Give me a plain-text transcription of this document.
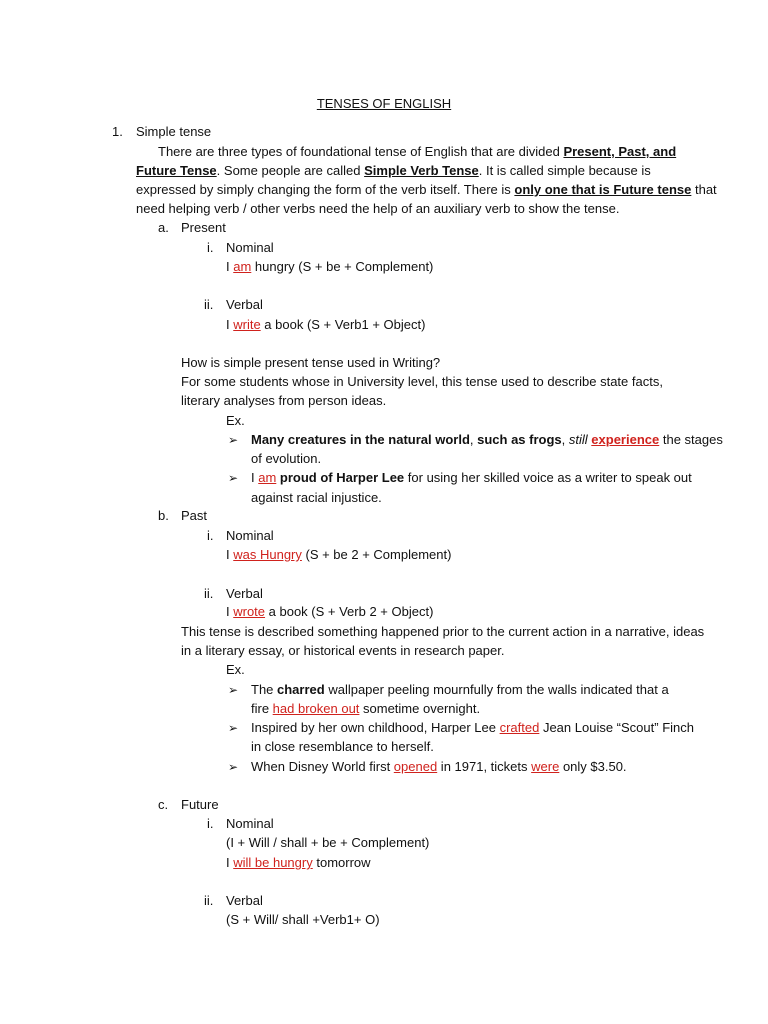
TENSES OF ENGLISH
1. Simple tense
There are three types of foundational tense of English that are divided Present, Past, and
Future Tense. Some people are called Simple Verb Tense. It is called simple because is
expressed by simply changing the form of the verb itself. There is only one that is Future tense that
need helping verb / other verbs need the help of an auxiliary verb to show the tense.
a. Present
i. Nominal
I am hungry (S + be + Complement)
ii. Verbal
I write a book (S + Verb1 + Object)
How is simple present tense used in Writing?
For some students whose in University level, this tense used to describe state facts,
literary analyses from person ideas.
Ex.
➢ Many creatures in the natural world, such as frogs, still experience the stages
of evolution.
➢ I am proud of Harper Lee for using her skilled voice as a writer to speak out
against racial injustice.
b. Past
i. Nominal
I was Hungry (S + be 2 + Complement)
ii. Verbal
I wrote a book (S + Verb 2 + Object)
This tense is described something happened prior to the current action in a narrative, ideas
in a literary essay, or historical events in research paper.
Ex.
➢ The charred wallpaper peeling mournfully from the walls indicated that a
fire had broken out sometime overnight.
➢ Inspired by her own childhood, Harper Lee crafted Jean Louise “Scout” Finch
in close resemblance to herself.
➢ When Disney World first opened in 1971, tickets were only $3.50.
c. Future
i. Nominal
(I + Will / shall + be + Complement)
I will be hungry tomorrow
ii. Verbal
(S + Will/ shall +Verb1+ O)
